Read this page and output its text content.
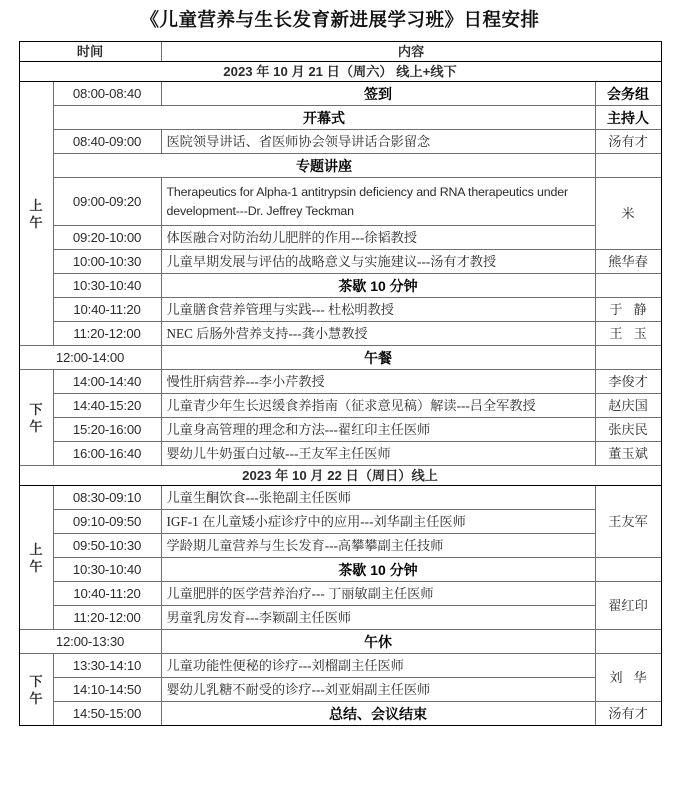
《儿童营养与生长发育新进展学习班》日程安排
时间		内容	
2023 年 10 月 21 日（周六） 线上+线下			

上
午	08:00-08:40	签到	会务组
	开幕式		主持人
	08:40-09:00	医院领导讲话、省医师协会领导讲话合影留念	汤有才
	专题讲座		
	09:00-09:20	Therapeutics for Alpha-1 antitrypsin deficiency and RNA therapeutics under development---Dr. Jeffrey Teckman	米

	09:20-10:00	体医融合对防治幼儿肥胖的作用---徐韬教授	
	10:00-10:30	儿童早期发展与评估的战略意义与实施建议---汤有才教授	熊华春
	10:30-10:40	茶歇 10 分钟	
	10:40-11:20	儿童膳食营养管理与实践--- 杜松明教授	于 静
	11:20-12:00	NEC 后肠外营养支持---龚小慧教授	王 玉
12:00-14:00		午餐	

下
午	14:00-14:40	慢性肝病营养---李小芹教授	李俊才
	14:40-15:20	儿童青少年生长迟缓食养指南（征求意见稿）解读---吕全军教授	赵庆国
	15:20-16:00	儿童身高管理的理念和方法---翟红印主任医师	张庆民
	16:00-16:40	婴幼儿牛奶蛋白过敏---王友军主任医师	董玉斌
2023 年 10 月 22 日（周日）线上			

上
午	08:30-09:10	儿童生酮饮食---张艳副主任医师	王友军
	09:10-09:50	IGF-1 在儿童矮小症诊疗中的应用---刘华副主任医师	
	09:50-10:30	学龄期儿童营养与生长发育---高攀攀副主任技师	
	10:30-10:40	茶歇 10 分钟	
	10:40-11:20	儿童肥胖的医学营养治疗--- 丁丽敏副主任医师	翟红印
	11:20-12:00	男童乳房发育---李颖副主任医师	
12:00-13:30		午休	

下
午	13:30-14:10	儿童功能性便秘的诊疗---刘榴副主任医师	刘 华
	14:10-14:50	婴幼儿乳糖不耐受的诊疗---刘亚娟副主任医师	
	14:50-15:00	总结、会议结束	汤有才
